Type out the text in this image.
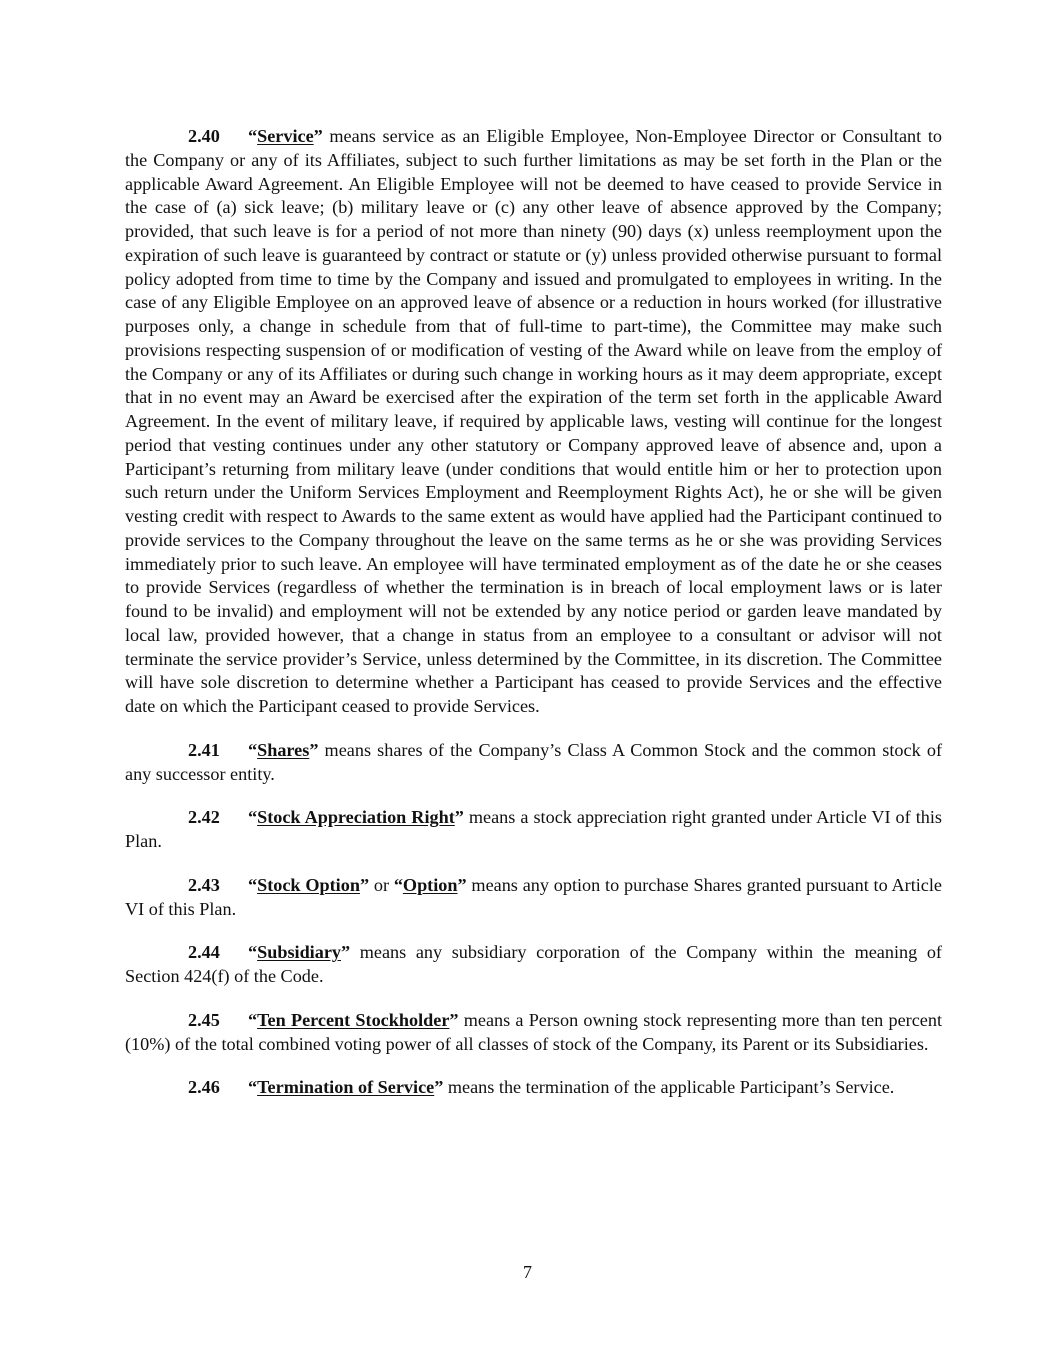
2.40 “Service” means service as an Eligible Employee, Non-Employee Director or Consultant to the Company or any of its Affiliates, subject to such further limitations as may be set forth in the Plan or the applicable Award Agreement. An Eligible Employee will not be deemed to have ceased to provide Service in the case of (a) sick leave; (b) military leave or (c) any other leave of absence approved by the Company; provided, that such leave is for a period of not more than ninety (90) days (x) unless reemployment upon the expiration of such leave is guaranteed by contract or statute or (y) unless provided otherwise pursuant to formal policy adopted from time to time by the Company and issued and promulgated to employees in writing. In the case of any Eligible Employee on an approved leave of absence or a reduction in hours worked (for illustrative purposes only, a change in schedule from that of full-time to part-time), the Committee may make such provisions respecting suspension of or modification of vesting of the Award while on leave from the employ of the Company or any of its Affiliates or during such change in working hours as it may deem appropriate, except that in no event may an Award be exercised after the expiration of the term set forth in the applicable Award Agreement. In the event of military leave, if required by applicable laws, vesting will continue for the longest period that vesting continues under any other statutory or Company approved leave of absence and, upon a Participant’s returning from military leave (under conditions that would entitle him or her to protection upon such return under the Uniform Services Employment and Reemployment Rights Act), he or she will be given vesting credit with respect to Awards to the same extent as would have applied had the Participant continued to provide services to the Company throughout the leave on the same terms as he or she was providing Services immediately prior to such leave. An employee will have terminated employment as of the date he or she ceases to provide Services (regardless of whether the termination is in breach of local employment laws or is later found to be invalid) and employment will not be extended by any notice period or garden leave mandated by local law, provided however, that a change in status from an employee to a consultant or advisor will not terminate the service provider’s Service, unless determined by the Committee, in its discretion. The Committee will have sole discretion to determine whether a Participant has ceased to provide Services and the effective date on which the Participant ceased to provide Services.

2.41 “Shares” means shares of the Company’s Class A Common Stock and the common stock of any successor entity.

2.42 “Stock Appreciation Right” means a stock appreciation right granted under Article VI of this Plan.

2.43 “Stock Option” or “Option” means any option to purchase Shares granted pursuant to Article VI of this Plan.

2.44 “Subsidiary” means any subsidiary corporation of the Company within the meaning of Section 424(f) of the Code.

2.45 “Ten Percent Stockholder” means a Person owning stock representing more than ten percent (10%) of the total combined voting power of all classes of stock of the Company, its Parent or its Subsidiaries.

2.46 “Termination of Service” means the termination of the applicable Participant’s Service.

7
